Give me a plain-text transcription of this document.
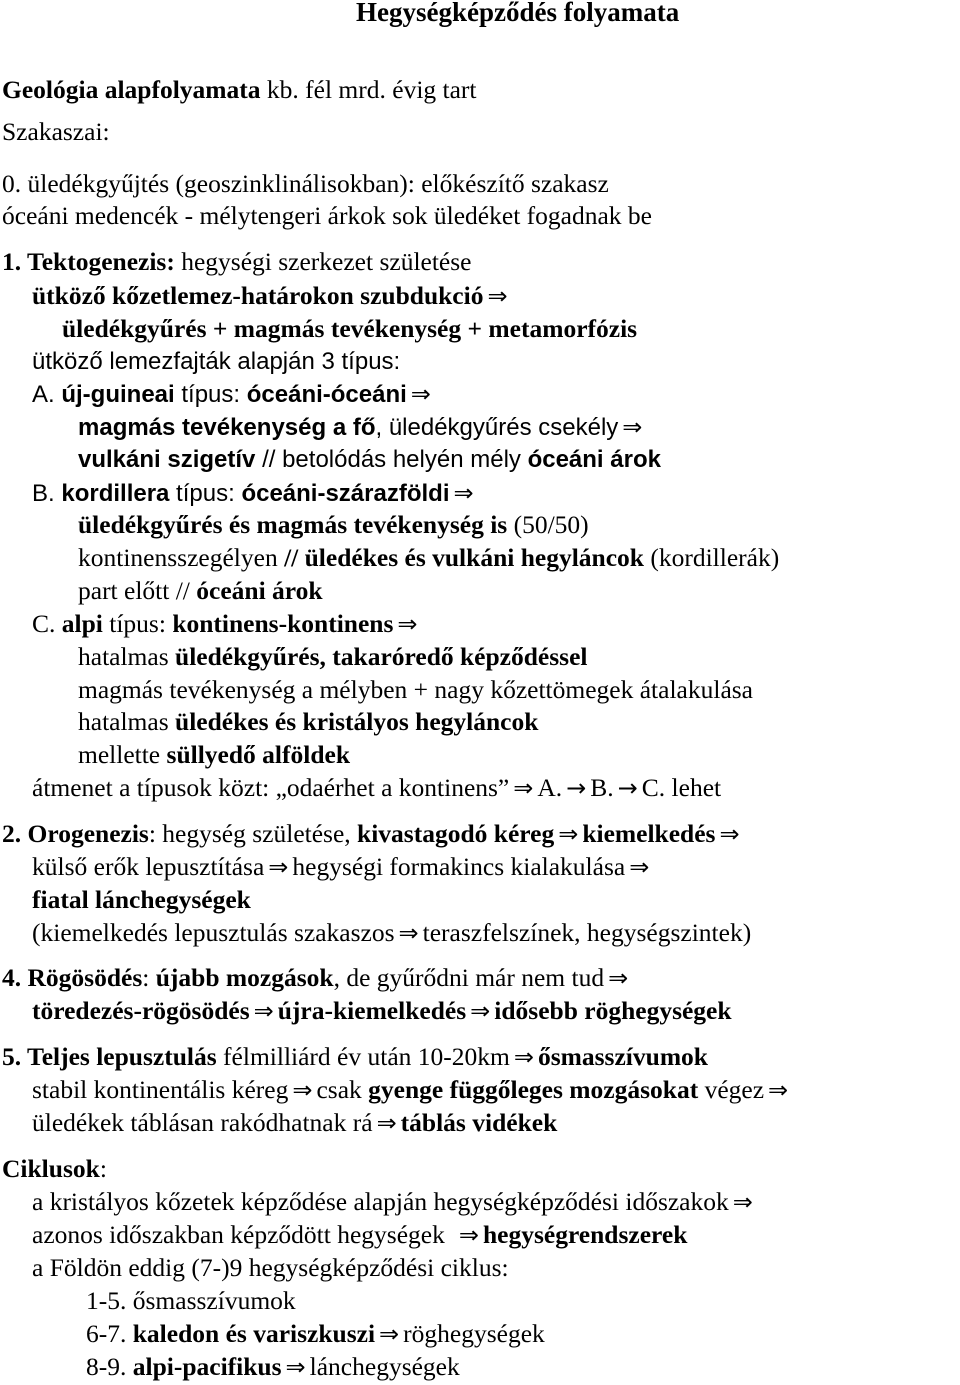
Hegységképződés folyamata
Geológia alapfolyamata kb. fél mrd. évig tart
Szakaszai:
0. üledékgyűjtés (geoszinklinálisokban): előkészítő szakasz
óceáni medencék - mélytengeri árkok sok üledéket fogadnak be
1. Tektogenezis: hegységi szerkezet születése
ütköző kőzetlemez-határokon szubdukció ⇒
üledékgyűrés + magmás tevékenység + metamorfózis
ütköző lemezfajták alapján 3 típus:
A. új-guineai típus: óceáni-óceáni ⇒
magmás tevékenység a fő, üledékgyűrés csekély ⇒
vulkáni szigetív // betolódás helyén mély óceáni árok
B. kordillera típus: óceáni-szárazföldi ⇒
üledékgyűrés és magmás tevékenység is (50/50)
kontinensszegélyen // üledékes és vulkáni hegyláncok (kordillerák)
part előtt // óceáni árok
C. alpi típus: kontinens-kontinens ⇒
hatalmas üledékgyűrés, takaróredő képződéssel
magmás tevékenység a mélyben + nagy kőzettömegek átalakulása
hatalmas üledékes és kristályos hegyláncok
mellette süllyedő alföldek
átmenet a típusok közt: „odaérhet a kontinens” ⇒ A. → B. → C. lehet
2. Orogenezis: hegység születése, kivastagodó kéreg ⇒ kiemelkedés ⇒
külső erők lepusztítása ⇒ hegységi formakincs kialakulása ⇒
fiatal lánchegységek
(kiemelkedés lepusztulás szakaszos ⇒ teraszfelszínek, hegységszintek)
4. Rögösödés: újabb mozgások, de gyűrődni már nem tud ⇒
töredezés-rögösödés ⇒ újra-kiemelkedés ⇒ idősebb röghegységek
5. Teljes lepusztulás félmilliárd év után 10-20km ⇒ ősmasszívumok
stabil kontinentális kéreg ⇒ csak gyenge függőleges mozgásokat végez ⇒
üledékek táblásan rakódhatnak rá ⇒ táblás vidékek
Ciklusok:
a kristályos kőzetek képződése alapján hegységképződési időszakok ⇒
azonos időszakban képződött hegységek ⇒ hegységrendszerek
a Földön eddig (7-)9 hegységképződési ciklus:
1-5. ősmasszívumok
6-7. kaledon és variszkuszi ⇒ röghegységek
8-9. alpi-pacifikus ⇒ lánchegységek
